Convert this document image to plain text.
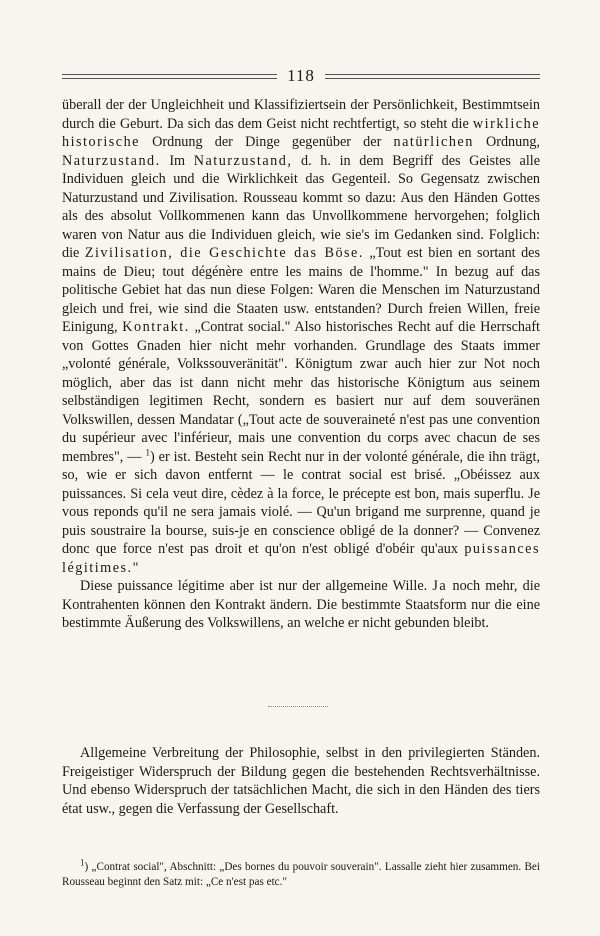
118

überall der der Ungleichheit und Klassifiziertsein der Persönlichkeit, Bestimmtsein durch die Geburt. Da sich das dem Geist nicht rechtfertigt, so steht die wirkliche historische Ordnung der Dinge gegenüber der natürlichen Ordnung, Naturzustand. Im Naturzustand, d. h. in dem Begriff des Geistes alle Individuen gleich und die Wirklichkeit das Gegenteil. So Gegensatz zwischen Naturzustand und Zivilisation. Rousseau kommt so dazu: Aus den Händen Gottes als des absolut Vollkommenen kann das Unvollkommene hervorgehen; folglich waren von Natur aus die Individuen gleich, wie sie's im Gedanken sind. Folglich: die Zivilisation, die Geschichte das Böse. „Tout est bien en sortant des mains de Dieu; tout dégénère entre les mains de l'homme." In bezug auf das politische Gebiet hat das nun diese Folgen: Waren die Menschen im Naturzustand gleich und frei, wie sind die Staaten usw. entstanden? Durch freien Willen, freie Einigung, Kontrakt. „Contrat social." Also historisches Recht auf die Herrschaft von Gottes Gnaden hier nicht mehr vorhanden. Grundlage des Staats immer „volonté générale, Volkssouveränität". Königtum zwar auch hier zur Not noch möglich, aber das ist dann nicht mehr das historische Königtum aus seinem selbständigen legitimen Recht, sondern es basiert nur auf dem souveränen Volkswillen, dessen Mandatar („Tout acte de souveraineté n'est pas une convention du supérieur avec l'inférieur, mais une convention du corps avec chacun de ses membres", — $^1$) er ist. Besteht sein Recht nur in der volonté générale, die ihn trägt, so, wie er sich davon entfernt — le contrat social est brisé. „Obéissez aux puissances. Si cela veut dire, cèdez à la force, le précepte est bon, mais superflu. Je vous reponds qu'il ne sera jamais violé. — Qu'un brigand me surprenne, quand je puis soustraire la bourse, suis-je en conscience obligé de la donner? — Convenez donc que force n'est pas droit et qu'on n'est obligé d'obéir qu'aux puissances légitimes."

Diese puissance légitime aber ist nur der allgemeine Wille. Ja noch mehr, die Kontrahenten können den Kontrakt ändern. Die bestimmte Staatsform nur die eine bestimmte Äußerung des Volkswillens, an welche er nicht gebunden bleibt.

Allgemeine Verbreitung der Philosophie, selbst in den privilegierten Ständen. Freigeistiger Widerspruch der Bildung gegen die bestehenden Rechtsverhältnisse. Und ebenso Widerspruch der tatsächlichen Macht, die sich in den Händen des tiers état usw., gegen die Verfassung der Gesellschaft.

$^1$) „Contrat social", Abschnitt: „Des bornes du pouvoir souverain". Lassalle zieht hier zusammen. Bei Rousseau beginnt den Satz mit: „Ce n'est pas etc."
